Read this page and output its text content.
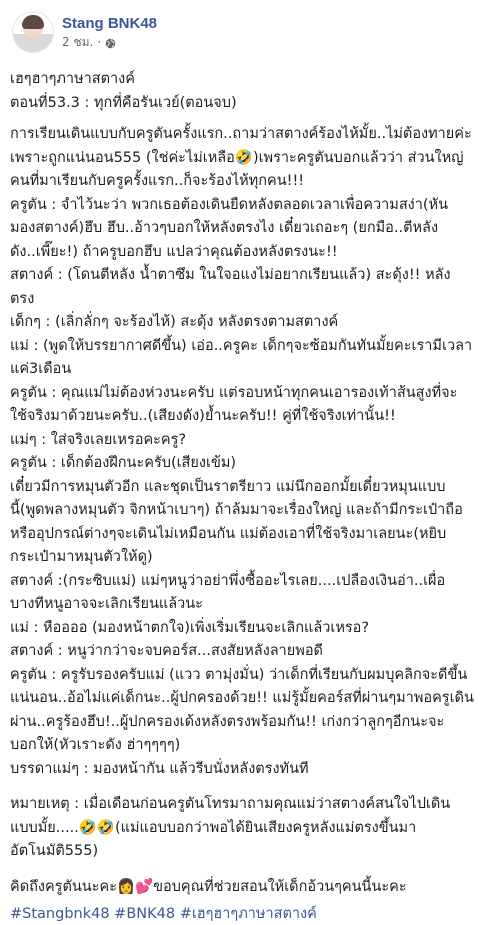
Stang BNK48
2 ชม. ·

เฮๆฮาๆภาษาสตางค์

ตอนที่53.3 : ทุกที่คือรันเวย์(ตอนจบ)

การเรียนเดินแบบกับครูตันครั้งแรก..ถามว่าสตางค์ร้องไห้มั้ย..ไม่ต้องทายค่ะ

เพราะถูกแน่นอน555 (ใช่ค่ะไม่เหลือ🤣)เพราะครูตันบอกแล้วว่า ส่วนใหญ่

คนที่มาเรียนกับครูครั้งแรก..ก็จะร้องไห้ทุกคน!!!

ครูตัน : จำไว้นะว่า พวกเธอต้องเดินยืดหลังตลอดเวลาเพื่อความสง่า(หัน

มองสตางค์)ฮึบ ฮึบ..อ้าวๆบอกให้หลังตรงไง เดี๋ยวเถอะๆ (ยกมือ..ตีหลัง

ดัง..เพี๊ยะ!) ถ้าครูบอกฮึบ แปลว่าคุณต้องหลังตรงนะ!!

สตางค์ : (โดนตีหลัง น้ำตาซึม ในใจอแงไม่อยากเรียนแล้ว) สะดุ้ง!! หลัง

ตรง

เด็กๆ : (เลิ่กลั่กๆ จะร้องไห้) สะดุ้ง หลังตรงตามสตางค์

แม่ : (พูดให้บรรยากาศดีขึ้น) เอ่อ..ครูคะ เด็กๆจะซ้อมกันทันมั้ยคะเรามีเวลา

แค่3เดือน

ครูตัน : คุณแม่ไม่ต้องห่วงนะครับ แต่รอบหน้าทุกคนเอารองเท้าส้นสูงที่จะ

ใช้จริงมาด้วยนะครับ..(เสียงดัง)ย้ำนะครับ!! คู่ที่ใช้จริงเท่านั้น!!

แม่ๆ : ใส่จริงเลยเหรอคะครู?

ครูตัน : เด็กต้องฝึกนะครับ(เสียงเข้ม)

เดี๋ยวมีการหมุนตัวอีก และชุดเป็นราตรียาว แม่นึกออกมั้ยเดี๋ยวหมุนแบบ

นี้(พูดพลางหมุนตัว จิกหน้าเบาๆ) ถ้าล้มมาจะเรื่องใหญ่ และถ้ามีกระเป๋าถือ

หรืออุปกรณ์ต่างๆจะเดินไม่เหมือนกัน แม่ต้องเอาที่ใช้จริงมาเลยนะ(หยิบ

กระเป๋ามาหมุนตัวให้ดู)

สตางค์ :(กระซิบแม่) แม่ๆหนูว่าอย่าพึ่งซื้ออะไรเลย....เปลืองเงินอ่า..เผื่อ

บางทีหนูอาจจะเลิกเรียนแล้วนะ

แม่ : หืออออ (มองหน้าตกใจ)เพิ่งเริ่มเรียนจะเลิกแล้วเหรอ?

สตางค์ : หนูว่ากว่าจะจบคอร์ส...สงสัยหลังลายพอดี

ครูตัน : ครูรับรองครับแม่ (แวว ตามุ่งมั่น) ว่าเด็กที่เรียนกับผมบุคลิกจะดีขึ้น

แน่นอน..อ้อไม่แค่เด็กนะ..ผู้ปกครองด้วย!! แม่รู้มั้ยคอร์สที่ผ่านๆมาพอครูเดิน

ผ่าน..ครูร้องฮึบ!..ผู้ปกครองเด้งหลังตรงพร้อมกัน!! เก่งกว่าลูกๆอีกนะจะ

บอกให้(หัวเราะดัง ฮ่าๆๆๆๆ)

บรรดาแม่ๆ : มองหน้ากัน แล้วรีบนั่งหลังตรงทันที

หมายเหตุ : เมื่อเดือนก่อนครูตันโทรมาถามคุณแม่ว่าสตางค์สนใจไปเดิน

แบบมั้ย.....🤣🤣(แม่แอบบอกว่าพอได้ยินเสียงครูหลังแม่ตรงขึ้นมา

อัตโนมัติ555)

คิดถึงครูตันนะคะ👩💕ขอบคุณที่ช่วยสอนให้เด็กอ้วนๆคนนี้นะคะ

#Stangbnk48 #BNK48 #เฮๆฮาๆภาษาสตางค์
